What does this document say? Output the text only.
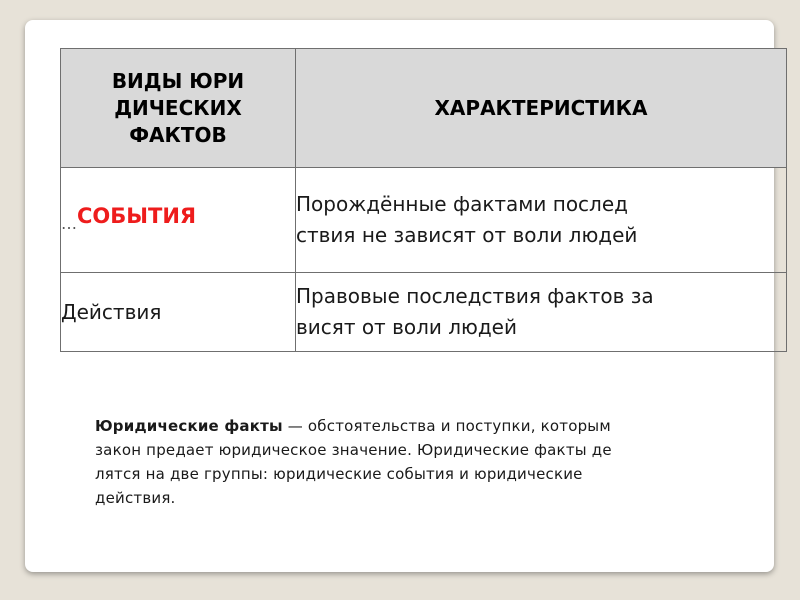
ВИДЫ ЮРИ
ДИЧЕСКИХ
ФАКТОВ	ХАРАКТЕРИСТИКА
$_\dots$СОБЫТИЯ	Порождённые фактами послед
ствия не зависят от воли людей
Действия	Правовые последствия фактов за
висят от воли людей
Юридические факты — обстоятельства и поступки, которым
закон предает юридическое значение. Юридические факты де
лятся на две группы: юридические события и юридические
действия.
